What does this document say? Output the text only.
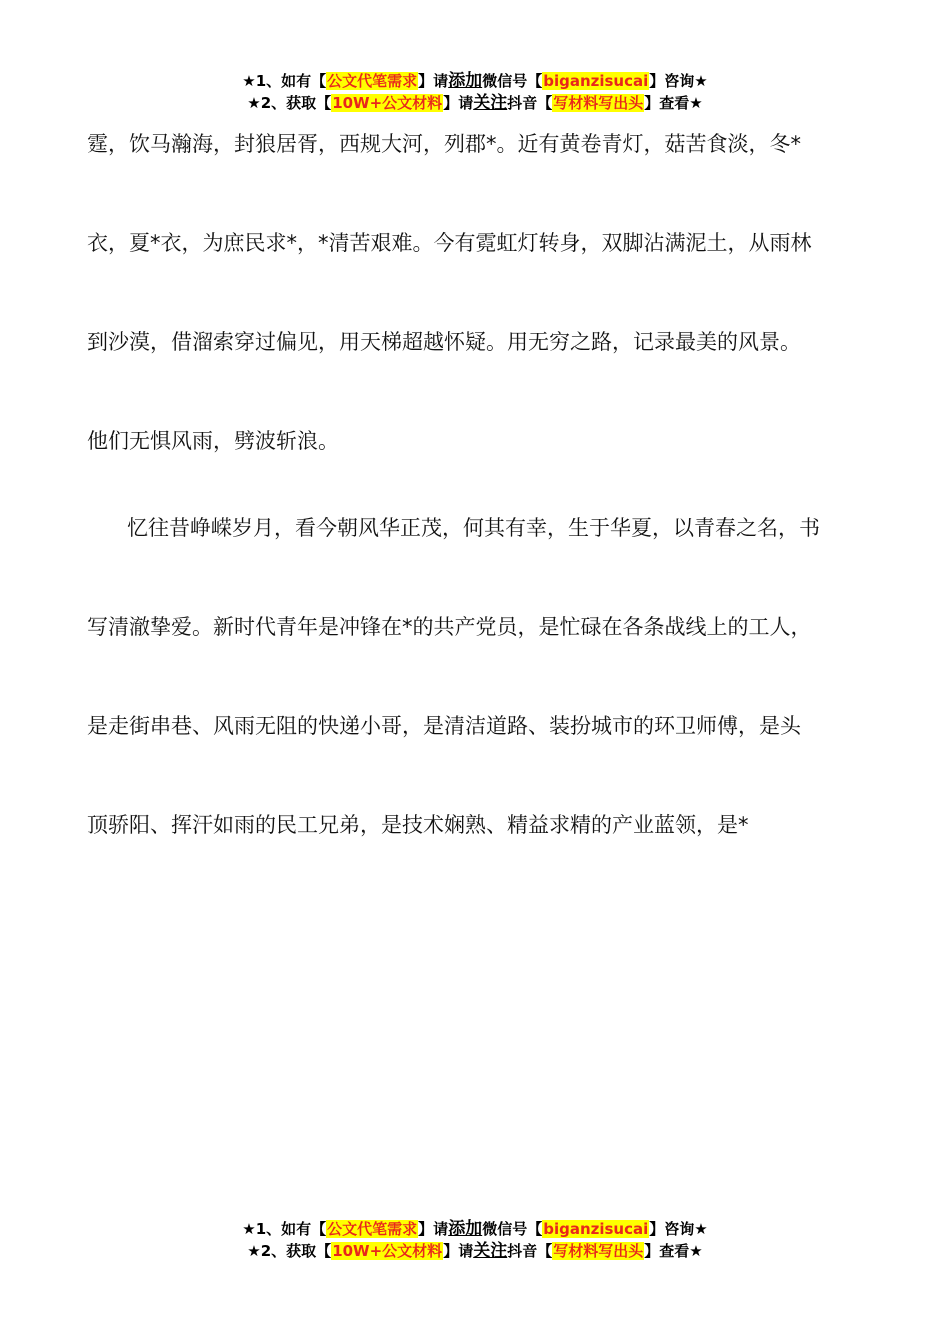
★1、如有【公文代笔需求】请添加微信号【biganzisucai】咨询★
★2、获取【10W+公文材料】请关注抖音【写材料写出头】查看★
霆，饮马瀚海，封狼居胥，西规大河，列郡*。近有黄卷青灯，菇苦食淡，冬*
衣，夏*衣，为庶民求*，*清苦艰难。今有霓虹灯转身，双脚沾满泥土，从雨林
到沙漠，借溜索穿过偏见，用天梯超越怀疑。用无穷之路，记录最美的风景。
他们无惧风雨，劈波斩浪。
忆往昔峥嵘岁月，看今朝风华正茂，何其有幸，生于华夏，以青春之名，书
写清澈挚爱。新时代青年是冲锋在*的共产党员，是忙碌在各条战线上的工人，
是走街串巷、风雨无阻的快递小哥，是清洁道路、装扮城市的环卫师傅，是头
顶骄阳、挥汗如雨的民工兄弟，是技术娴熟、精益求精的产业蓝领，是*
★1、如有【公文代笔需求】请添加微信号【biganzisucai】咨询★
★2、获取【10W+公文材料】请关注抖音【写材料写出头】查看★
